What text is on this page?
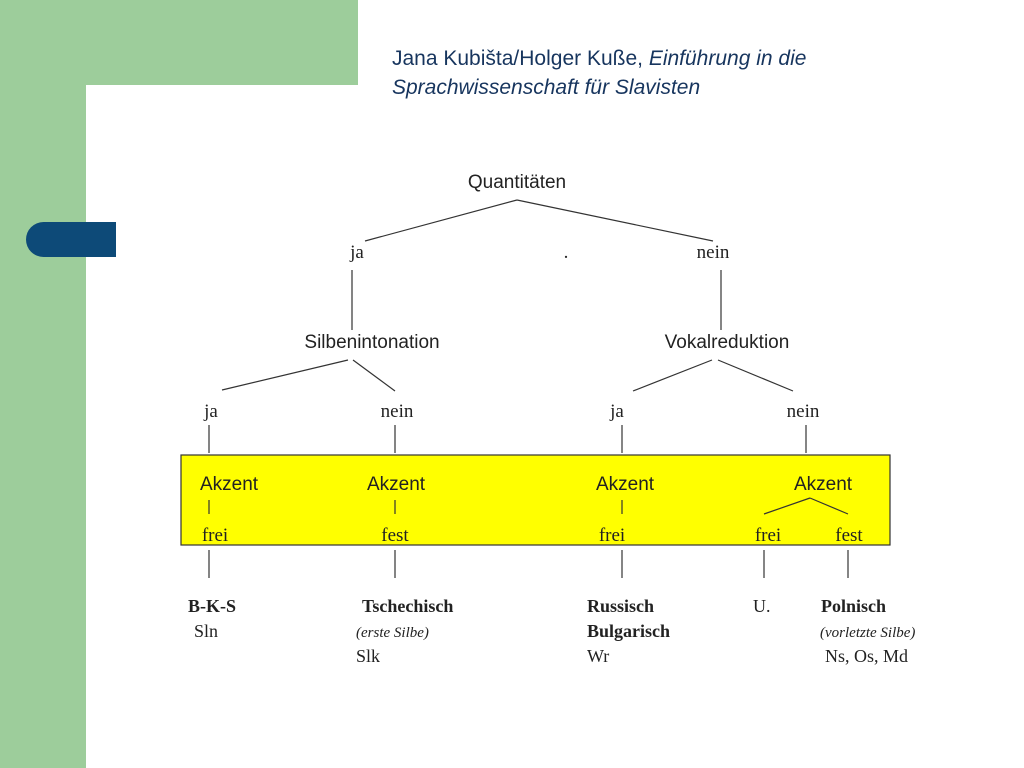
Jana Kubišta/Holger Kuße, Einführung in die Sprachwissenschaft für Slavisten
Quantitäten
ja	.	nein
Silbenintonation	Vokalreduktion
ja	nein	ja	nein
Akzent	Akzent	Akzent	Akzent
frei	fest	frei	frei	fest
B-K-S
Sln
Tschechisch
(erste Silbe)
Slk
Russisch
Bulgarisch
Wr
U.	Polnisch
(vorletzte Silbe)
Ns, Os, Md
